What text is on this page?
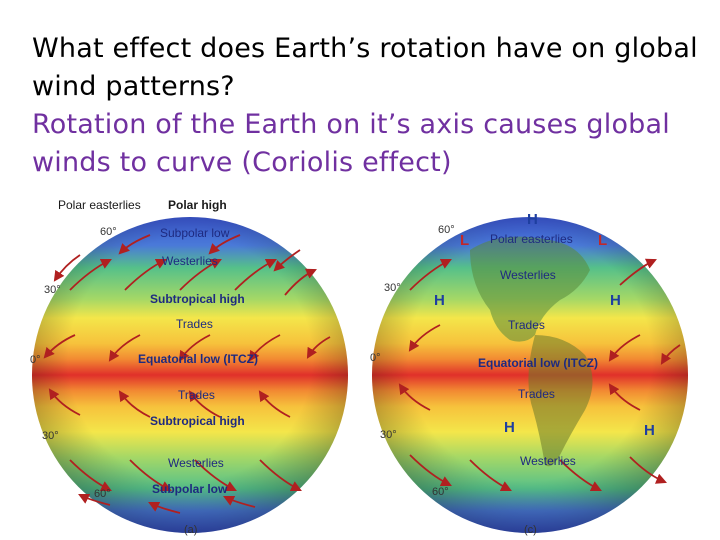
What effect does Earth’s rotation have on global wind patterns?
Rotation of the Earth on it’s axis causes global winds to curve (Coriolis effect)
Polar easterlies Polar high
Subpolar low
Westerlies
Subtropical high
Trades
Equatorial low (ITCZ)
Trades
Subtropical high
Westerlies
Subpolar low
60°
30°
0°
30°
60°
(a)
Polar easterlies
Westerlies
Trades
Equatorial low (ITCZ)
Trades
Westerlies
H
L	L
H	H
H	H
60°
30°
0°
30°
60°
(c)
